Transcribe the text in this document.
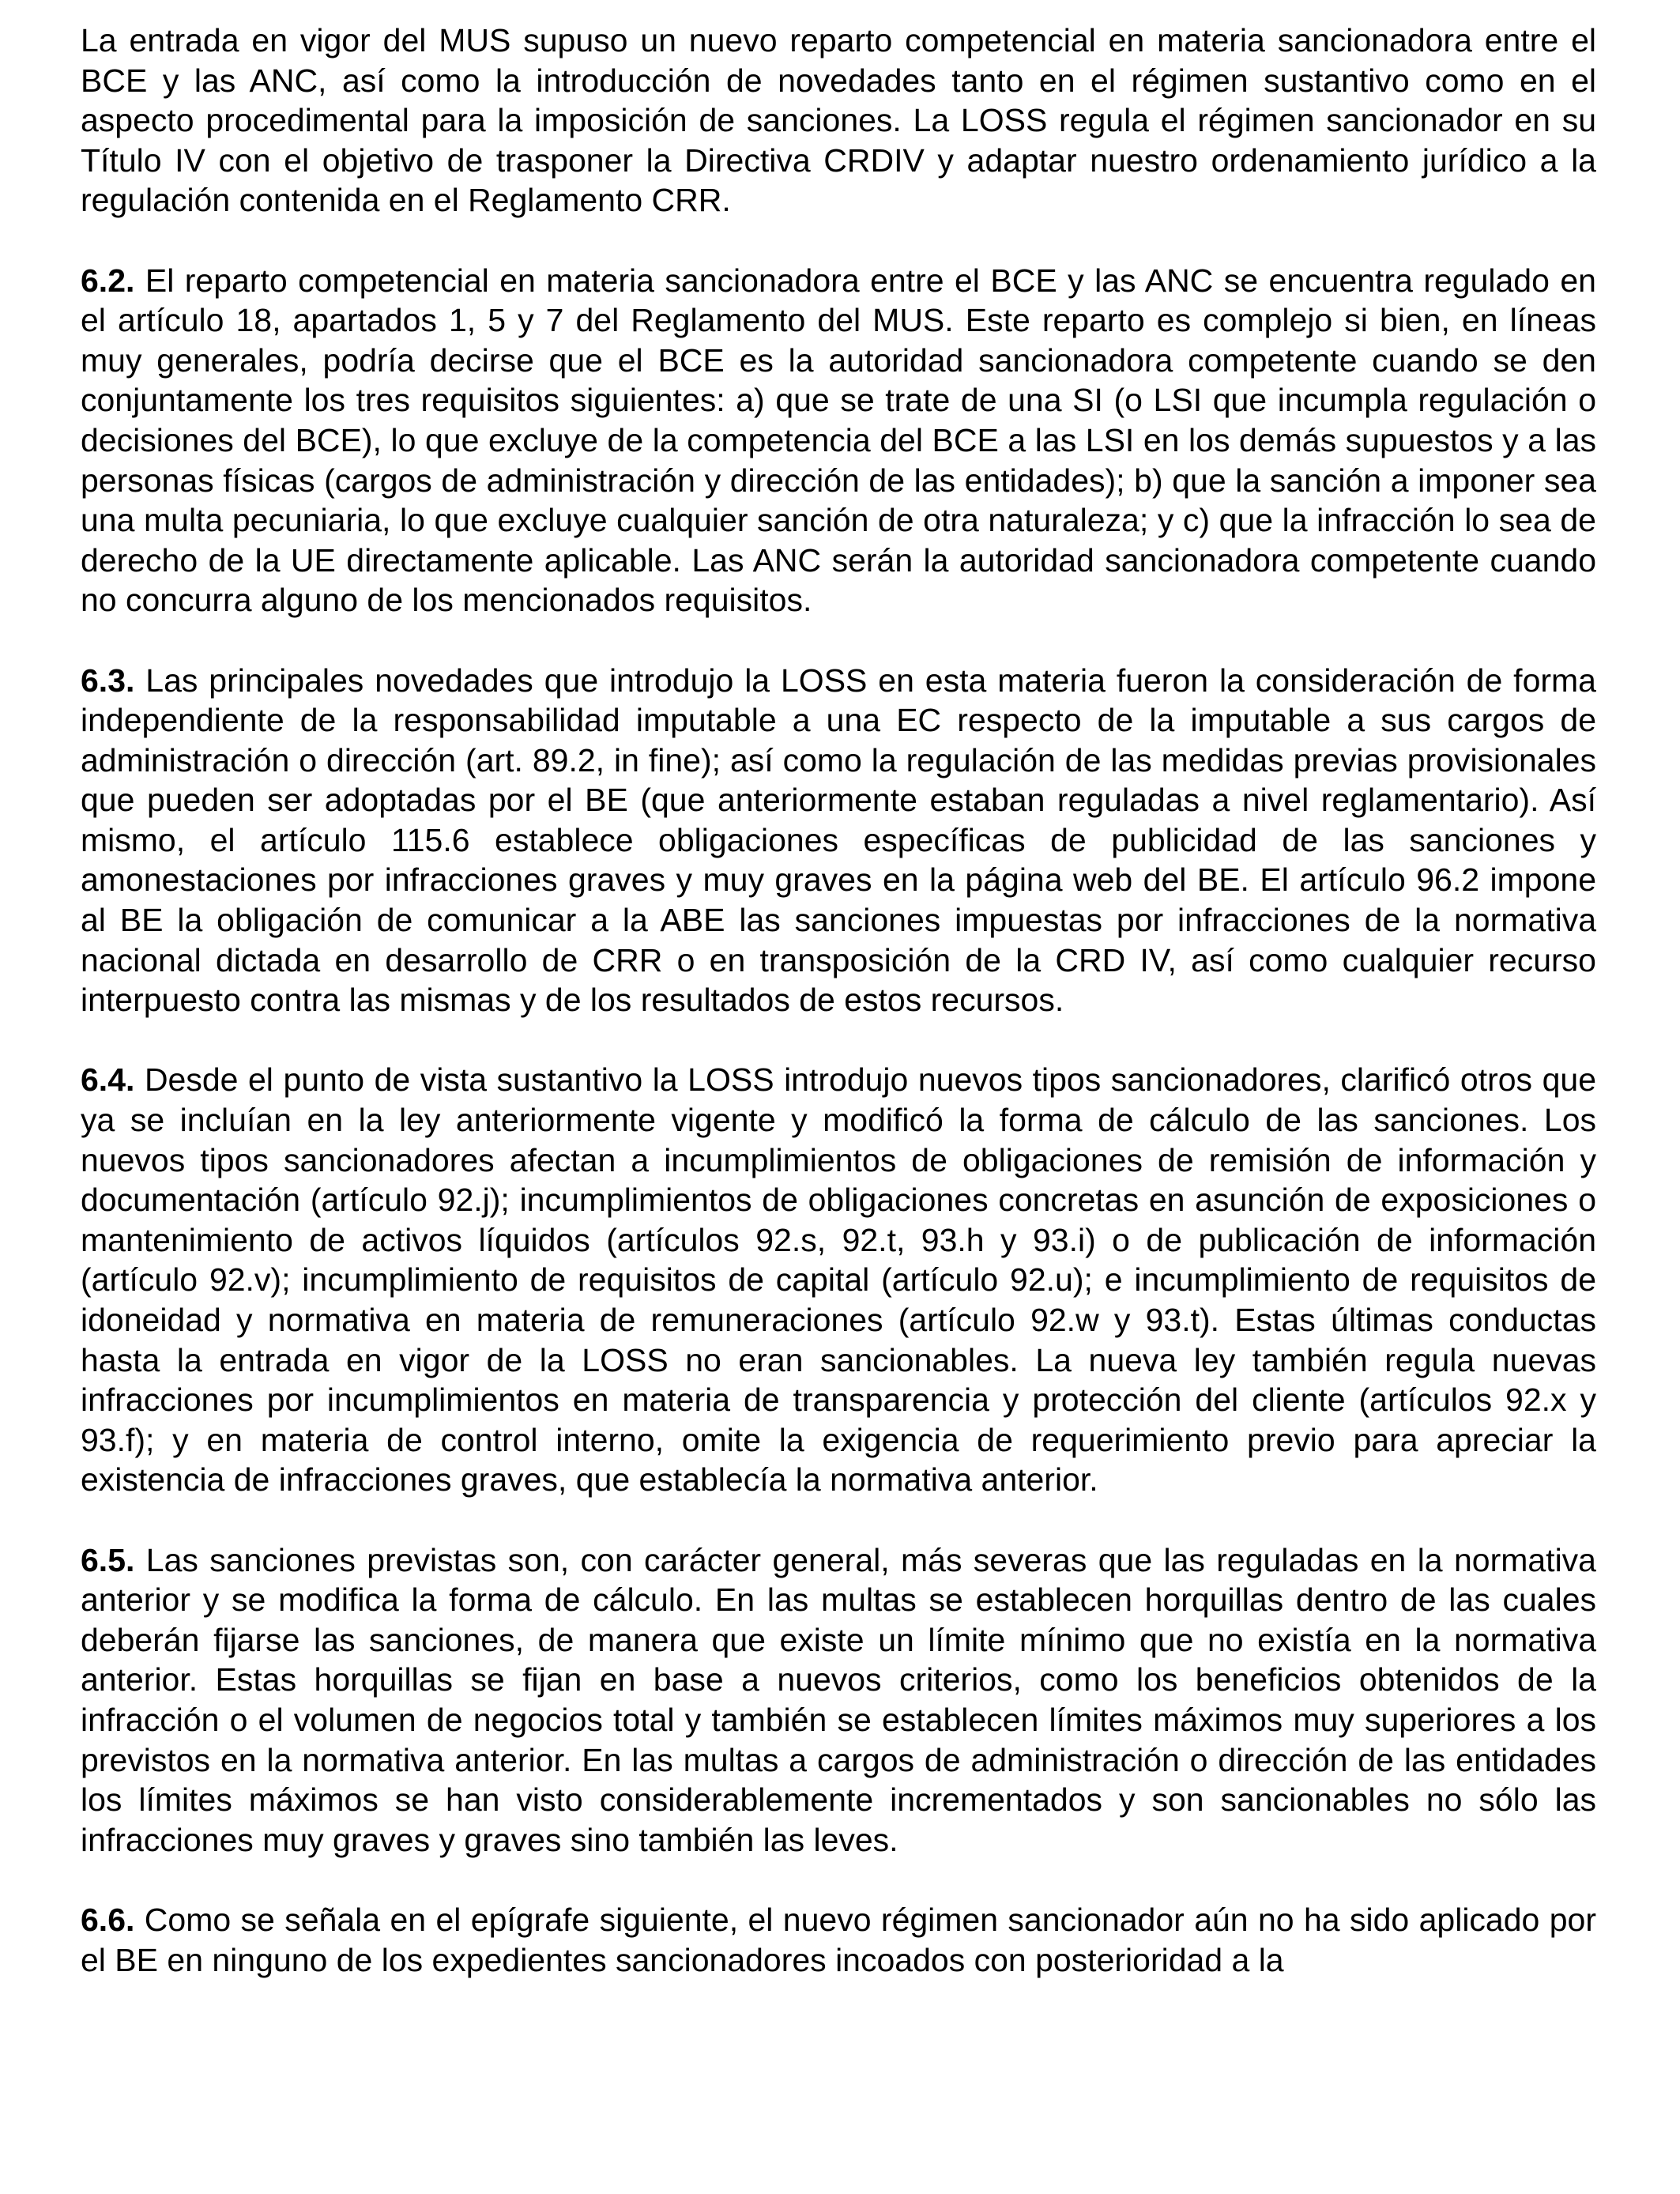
La entrada en vigor del MUS supuso un nuevo reparto competencial en materia sancionadora entre el BCE y las ANC, así como la introducción de novedades tanto en el régimen sustantivo como en el aspecto procedimental para la imposición de sanciones. La LOSS regula el régimen sancionador en su Título IV con el objetivo de trasponer la Directiva CRDIV y adaptar nuestro ordenamiento jurídico a la regulación contenida en el Reglamento CRR.

6.2. El reparto competencial en materia sancionadora entre el BCE y las ANC se encuentra regulado en el artículo 18, apartados 1, 5 y 7 del Reglamento del MUS. Este reparto es complejo si bien, en líneas muy generales, podría decirse que el BCE es la autoridad sancionadora competente cuando se den conjuntamente los tres requisitos siguientes: a) que se trate de una SI (o LSI que incumpla regulación o decisiones del BCE), lo que excluye de la competencia del BCE a las LSI en los demás supuestos y a las personas físicas (cargos de administración y dirección de las entidades); b) que la sanción a imponer sea una multa pecuniaria, lo que excluye cualquier sanción de otra naturaleza; y c) que la infracción lo sea de derecho de la UE directamente aplicable. Las ANC serán la autoridad sancionadora competente cuando no concurra alguno de los mencionados requisitos.

6.3. Las principales novedades que introdujo la LOSS en esta materia fueron la consideración de forma independiente de la responsabilidad imputable a una EC respecto de la imputable a sus cargos de administración o dirección (art. 89.2, in fine); así como la regulación de las medidas previas provisionales que pueden ser adoptadas por el BE (que anteriormente estaban reguladas a nivel reglamentario). Así mismo, el artículo 115.6 establece obligaciones específicas de publicidad de las sanciones y amonestaciones por infracciones graves y muy graves en la página web del BE. El artículo 96.2 impone al BE la obligación de comunicar a la ABE las sanciones impuestas por infracciones de la normativa nacional dictada en desarrollo de CRR o en transposición de la CRD IV, así como cualquier recurso interpuesto contra las mismas y de los resultados de estos recursos.

6.4. Desde el punto de vista sustantivo la LOSS introdujo nuevos tipos sancionadores, clarificó otros que ya se incluían en la ley anteriormente vigente y modificó la forma de cálculo de las sanciones. Los nuevos tipos sancionadores afectan a incumplimientos de obligaciones de remisión de información y documentación (artículo 92.j); incumplimientos de obligaciones concretas en asunción de exposiciones o mantenimiento de activos líquidos (artículos 92.s, 92.t, 93.h y 93.i) o de publicación de información (artículo 92.v); incumplimiento de requisitos de capital (artículo 92.u); e incumplimiento de requisitos de idoneidad y normativa en materia de remuneraciones (artículo 92.w y 93.t). Estas últimas conductas hasta la entrada en vigor de la LOSS no eran sancionables. La nueva ley también regula nuevas infracciones por incumplimientos en materia de transparencia y protección del cliente (artículos 92.x y 93.f); y en materia de control interno, omite la exigencia de requerimiento previo para apreciar la existencia de infracciones graves, que establecía la normativa anterior.

6.5. Las sanciones previstas son, con carácter general, más severas que las reguladas en la normativa anterior y se modifica la forma de cálculo. En las multas se establecen horquillas dentro de las cuales deberán fijarse las sanciones, de manera que existe un límite mínimo que no existía en la normativa anterior. Estas horquillas se fijan en base a nuevos criterios, como los beneficios obtenidos de la infracción o el volumen de negocios total y también se establecen límites máximos muy superiores a los previstos en la normativa anterior. En las multas a cargos de administración o dirección de las entidades los límites máximos se han visto considerablemente incrementados y son sancionables no sólo las infracciones muy graves y graves sino también las leves.

6.6. Como se señala en el epígrafe siguiente, el nuevo régimen sancionador aún no ha sido aplicado por el BE en ninguno de los expedientes sancionadores incoados con posterioridad a la
